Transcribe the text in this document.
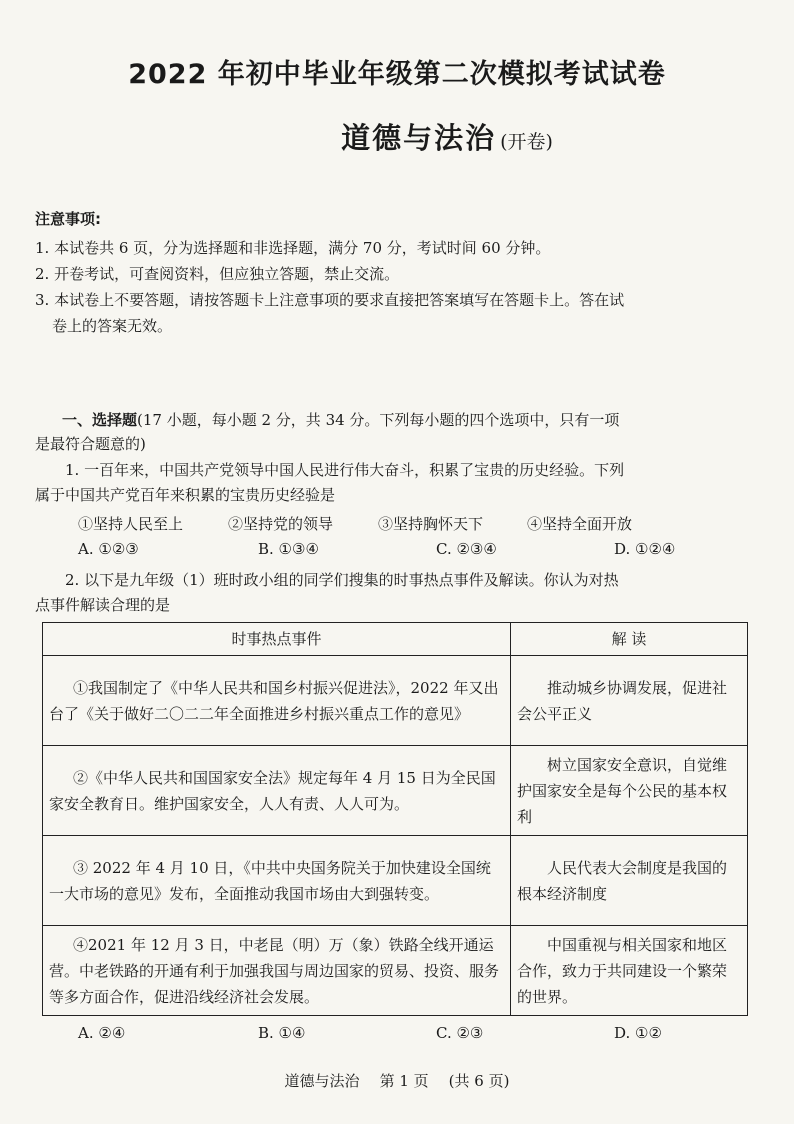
2022 年初中毕业年级第二次模拟考试试卷
道德与法治 (开卷)
注意事项:
1. 本试卷共 6 页，分为选择题和非选择题，满分 70 分，考试时间 60 分钟。
2. 开卷考试，可查阅资料，但应独立答题，禁止交流。
3. 本试卷上不要答题，请按答题卡上注意事项的要求直接把答案填写在答题卡上。答在试
卷上的答案无效。
一、选择题(17 小题，每小题 2 分，共 34 分。下列每小题的四个选项中，只有一项
是最符合题意的)
1. 一百年来，中国共产党领导中国人民进行伟大奋斗，积累了宝贵的历史经验。下列
属于中国共产党百年来积累的宝贵历史经验是
①坚持人民至上	②坚持党的领导	③坚持胸怀天下	④坚持全面开放
A. ①②③	B. ①③④	C. ②③④	D. ①②④
2. 以下是九年级（1）班时政小组的同学们搜集的时事热点事件及解读。你认为对热
点事件解读合理的是
时事热点事件	解 读
①我国制定了《中华人民共和国乡村振兴促进法》，2022 年又出台了《关于做好二〇二二年全面推进乡村振兴重点工作的意见》	推动城乡协调发展，促进社会公平正义
②《中华人民共和国国家安全法》规定每年 4 月 15 日为全民国家安全教育日。维护国家安全，人人有责、人人可为。	树立国家安全意识，自觉维护国家安全是每个公民的基本权利
③ 2022 年 4 月 10 日，《中共中央国务院关于加快建设全国统一大市场的意见》发布，全面推动我国市场由大到强转变。	人民代表大会制度是我国的根本经济制度
④2021 年 12 月 3 日，中老昆（明）万（象）铁路全线开通运营。中老铁路的开通有利于加强我国与周边国家的贸易、投资、服务等多方面合作，促进沿线经济社会发展。	中国重视与相关国家和地区合作，致力于共同建设一个繁荣的世界。
A. ②④	B. ①④	C. ②③	D. ①②
道德与法治 第 1 页 (共 6 页)
